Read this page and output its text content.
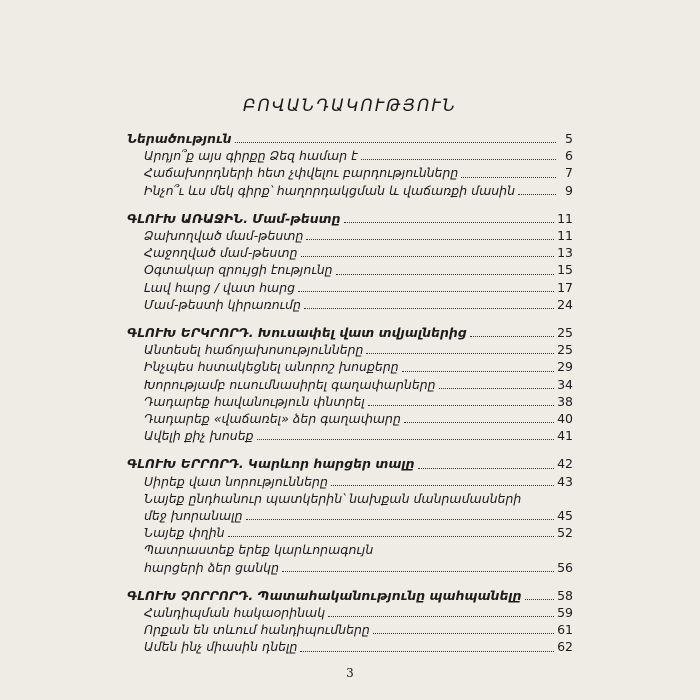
ԲՈՎԱՆԴԱԿՈՒԹՅՈՒՆ
Ներածություն	5
Արդյո՞ք այս գիրքը Ձեզ համար է	6
Հաճախորդների հետ չփվելու բարդությունները	7
Ինչո՞ւ ևս մեկ գիրք՝ հաղորդակցման և վաճառքի մասին	9
ԳԼՈՒԽ ԱՌԱՋԻՆ. Մամ-թեստը	11
Ձախողված մամ-թեստը	11
Հաջողված մամ-թեստը	13
Օգտակար զրույցի էությունը	15
Լավ հարց / վատ հարց	17
Մամ-թեստի կիրառումը	24
ԳԼՈՒԽ ԵՐԿՐՈՐԴ. Խուսափել վատ տվյալներից	25
Անտեսել հաճոյախոսությունները	25
Ինչպես հստակեցնել անորոշ խոսքերը	29
Խորությամբ ուսումնասիրել գաղափարները	34
Դադարեք հավանություն փնտրել	38
Դադարեք «վաճառել» ձեր գաղափարը	40
Ավելի քիչ խոսեք	41
ԳԼՈՒԽ ԵՐՐՈՐԴ. Կարևոր հարցեր տալը	42
Սիրեք վատ նորությունները	43
Նայեք ընդհանուր պատկերին՝ նախքան մանրամասների
մեջ խորանալը	45
Նայեք փղին	52
Պատրաստեք երեք կարևորագույն
հարցերի ձեր ցանկը	56
ԳԼՈՒԽ ՉՈՐՐՈՐԴ. Պատահականությունը պահպանելը	58
Հանդիպման հակաօրինակ	59
Որքան են տևում հանդիպումները	61
Ամեն ինչ միասին դնելը	62
3
